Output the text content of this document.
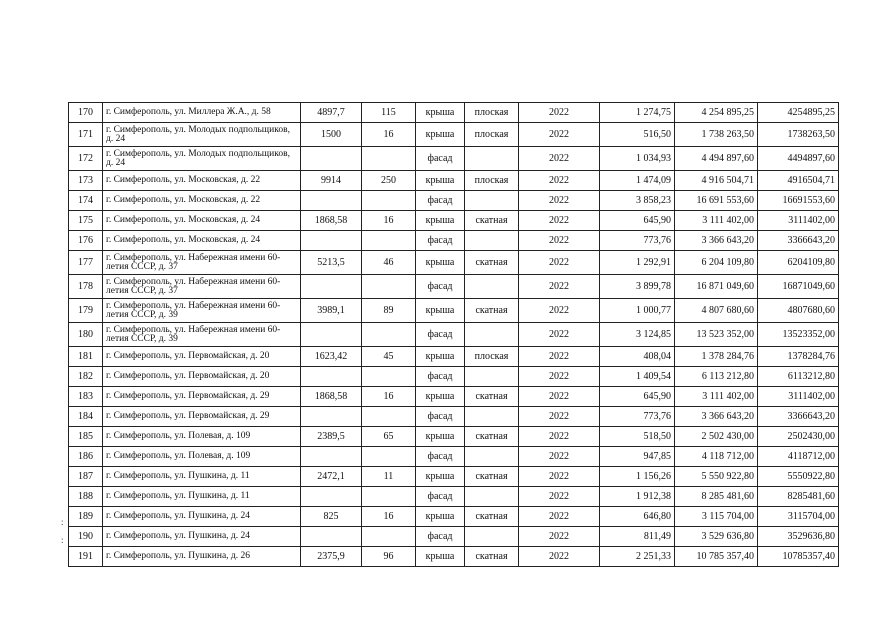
170	г. Симферополь, ул. Миллера Ж.А., д. 58	4897,7	115	крыша	плоская	2022	1 274,75	4 254 895,25	4254895,25
171	г. Симферополь, ул. Молодых подпольщиков, д. 24	1500	16	крыша	плоская	2022	516,50	1 738 263,50	1738263,50
172	г. Симферополь, ул. Молодых подпольщиков, д. 24			фасад		2022	1 034,93	4 494 897,60	4494897,60
173	г. Симферополь, ул. Московская, д. 22	9914	250	крыша	плоская	2022	1 474,09	4 916 504,71	4916504,71
174	г. Симферополь, ул. Московская, д. 22			фасад		2022	3 858,23	16 691 553,60	16691553,60
175	г. Симферополь, ул. Московская, д. 24	1868,58	16	крыша	скатная	2022	645,90	3 111 402,00	3111402,00
176	г. Симферополь, ул. Московская, д. 24			фасад		2022	773,76	3 366 643,20	3366643,20
177	г. Симферополь, ул. Набережная имени 60-летия СССР, д. 37	5213,5	46	крыша	скатная	2022	1 292,91	6 204 109,80	6204109,80
178	г. Симферополь, ул. Набережная имени 60-летия СССР, д. 37			фасад		2022	3 899,78	16 871 049,60	16871049,60
179	г. Симферополь, ул. Набережная имени 60-летия СССР, д. 39	3989,1	89	крыша	скатная	2022	1 000,77	4 807 680,60	4807680,60
180	г. Симферополь, ул. Набережная имени 60-летия СССР, д. 39			фасад		2022	3 124,85	13 523 352,00	13523352,00
181	г. Симферополь, ул. Первомайская, д. 20	1623,42	45	крыша	плоская	2022	408,04	1 378 284,76	1378284,76
182	г. Симферополь, ул. Первомайская, д. 20			фасад		2022	1 409,54	6 113 212,80	6113212,80
183	г. Симферополь, ул. Первомайская, д. 29	1868,58	16	крыша	скатная	2022	645,90	3 111 402,00	3111402,00
184	г. Симферополь, ул. Первомайская, д. 29			фасад		2022	773,76	3 366 643,20	3366643,20
185	г. Симферополь, ул. Полевая, д. 109	2389,5	65	крыша	скатная	2022	518,50	2 502 430,00	2502430,00
186	г. Симферополь, ул. Полевая, д. 109			фасад		2022	947,85	4 118 712,00	4118712,00
187	г. Симферополь, ул. Пушкина, д. 11	2472,1	11	крыша	скатная	2022	1 156,26	5 550 922,80	5550922,80
188	г. Симферополь, ул. Пушкина, д. 11			фасад		2022	1 912,38	8 285 481,60	8285481,60
189	г. Симферополь, ул. Пушкина, д. 24	825	16	крыша	скатная	2022	646,80	3 115 704,00	3115704,00
190	г. Симферополь, ул. Пушкина, д. 24			фасад		2022	811,49	3 529 636,80	3529636,80
191	г. Симферополь, ул. Пушкина, д. 26	2375,9	96	крыша	скатная	2022	2 251,33	10 785 357,40	10785357,40
:
:
